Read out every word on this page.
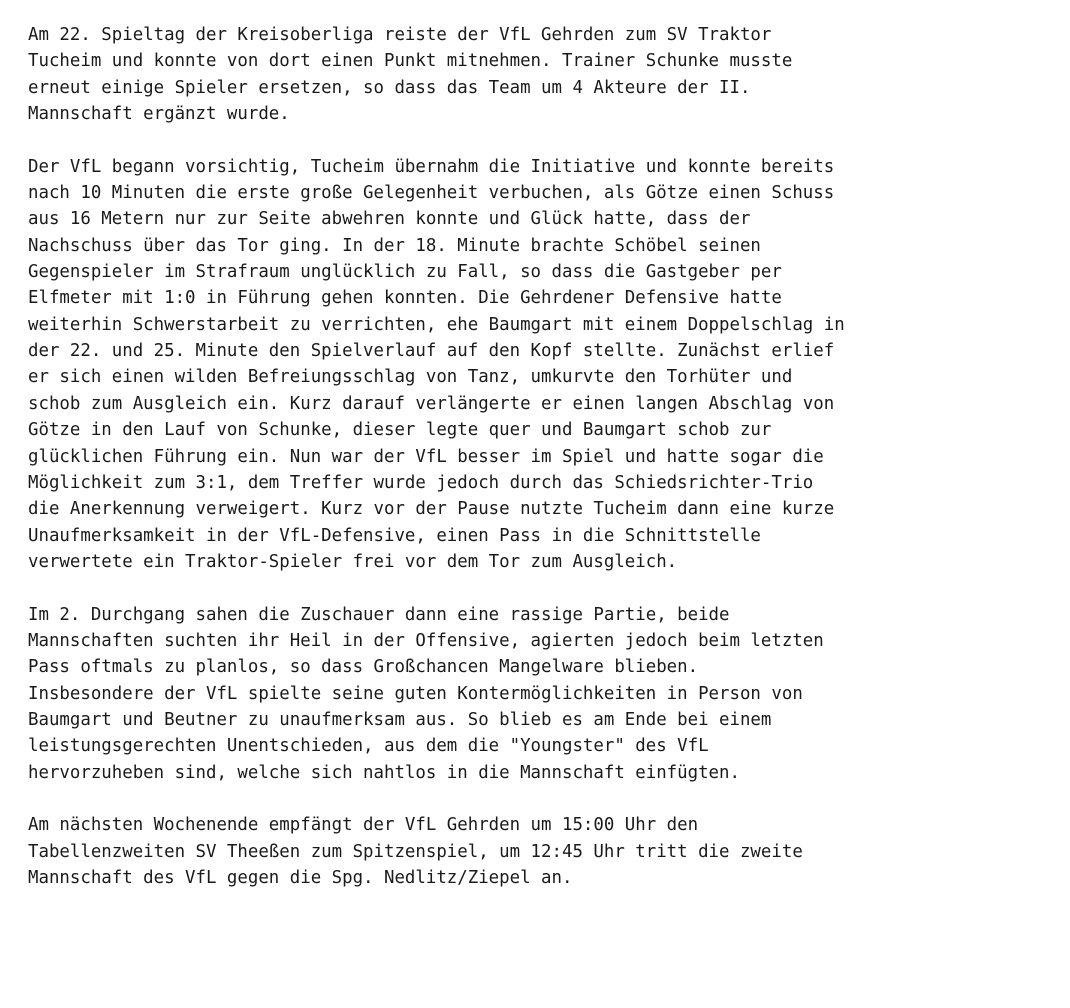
Am 22. Spieltag der Kreisoberliga reiste der VfL Gehrden zum SV Traktor
Tucheim und konnte von dort einen Punkt mitnehmen. Trainer Schunke musste
erneut einige Spieler ersetzen, so dass das Team um 4 Akteure der II.
Mannschaft ergänzt wurde.

Der VfL begann vorsichtig, Tucheim übernahm die Initiative und konnte bereits
nach 10 Minuten die erste große Gelegenheit verbuchen, als Götze einen Schuss
aus 16 Metern nur zur Seite abwehren konnte und Glück hatte, dass der
Nachschuss über das Tor ging. In der 18. Minute brachte Schöbel seinen
Gegenspieler im Strafraum unglücklich zu Fall, so dass die Gastgeber per
Elfmeter mit 1:0 in Führung gehen konnten. Die Gehrdener Defensive hatte
weiterhin Schwerstarbeit zu verrichten, ehe Baumgart mit einem Doppelschlag in
der 22. und 25. Minute den Spielverlauf auf den Kopf stellte. Zunächst erlief
er sich einen wilden Befreiungsschlag von Tanz, umkurvte den Torhüter und
schob zum Ausgleich ein. Kurz darauf verlängerte er einen langen Abschlag von
Götze in den Lauf von Schunke, dieser legte quer und Baumgart schob zur
glücklichen Führung ein. Nun war der VfL besser im Spiel und hatte sogar die
Möglichkeit zum 3:1, dem Treffer wurde jedoch durch das Schiedsrichter-Trio
die Anerkennung verweigert. Kurz vor der Pause nutzte Tucheim dann eine kurze
Unaufmerksamkeit in der VfL-Defensive, einen Pass in die Schnittstelle
verwertete ein Traktor-Spieler frei vor dem Tor zum Ausgleich.

Im 2. Durchgang sahen die Zuschauer dann eine rassige Partie, beide
Mannschaften suchten ihr Heil in der Offensive, agierten jedoch beim letzten
Pass oftmals zu planlos, so dass Großchancen Mangelware blieben.
Insbesondere der VfL spielte seine guten Kontermöglichkeiten in Person von
Baumgart und Beutner zu unaufmerksam aus. So blieb es am Ende bei einem
leistungsgerechten Unentschieden, aus dem die "Youngster" des VfL
hervorzuheben sind, welche sich nahtlos in die Mannschaft einfügten.

Am nächsten Wochenende empfängt der VfL Gehrden um 15:00 Uhr den
Tabellenzweiten SV Theeßen zum Spitzenspiel, um 12:45 Uhr tritt die zweite
Mannschaft des VfL gegen die Spg. Nedlitz/Ziepel an.
